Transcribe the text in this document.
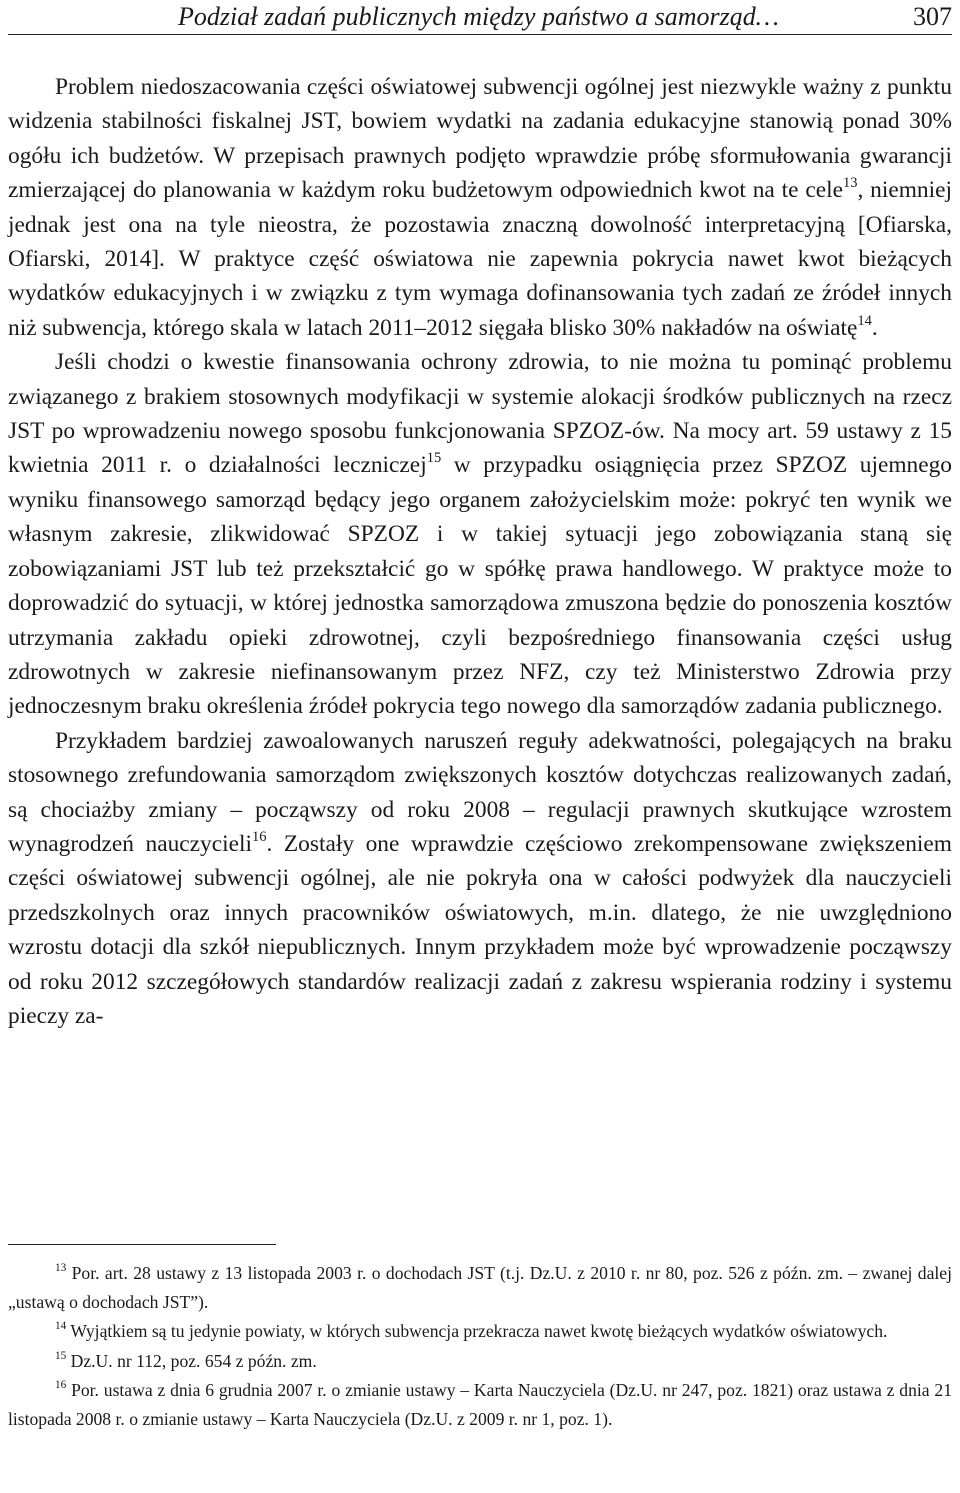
Podział zadań publicznych między państwo a samorząd…	307

Problem niedoszacowania części oświatowej subwencji ogólnej jest niezwykle ważny z punktu widzenia stabilności fiskalnej JST, bowiem wydatki na zadania edukacyjne stanowią ponad 30% ogółu ich budżetów. W przepisach prawnych podjęto wprawdzie próbę sformułowania gwarancji zmierzającej do planowania w każdym roku budżetowym odpowiednich kwot na te cele$^{13}$, niemniej jednak jest ona na tyle nieostra, że pozostawia znaczną dowolność interpretacyjną [Ofiarska, Ofiarski, 2014]. W praktyce część oświatowa nie zapewnia pokrycia nawet kwot bieżących wydatków edukacyjnych i w związku z tym wymaga dofinansowania tych zadań ze źródeł innych niż subwencja, którego skala w latach 2011–2012 sięgała blisko 30% nakładów na oświatę$^{14}$.

Jeśli chodzi o kwestie finansowania ochrony zdrowia, to nie można tu pominąć problemu związanego z brakiem stosownych modyfikacji w systemie alokacji środków publicznych na rzecz JST po wprowadzeniu nowego sposobu funkcjonowania SPZOZ-ów. Na mocy art. 59 ustawy z 15 kwietnia 2011 r. o działalności leczniczej$^{15}$ w przypadku osiągnięcia przez SPZOZ ujemnego wyniku finansowego samorząd będący jego organem założycielskim może: pokryć ten wynik we własnym zakresie, zlikwidować SPZOZ i w takiej sytuacji jego zobowiązania staną się zobowiązaniami JST lub też przekształcić go w spółkę prawa handlowego. W praktyce może to doprowadzić do sytuacji, w której jednostka samorządowa zmuszona będzie do ponoszenia kosztów utrzymania zakładu opieki zdrowotnej, czyli bezpośredniego finansowania części usług zdrowotnych w zakresie niefinansowanym przez NFZ, czy też Ministerstwo Zdrowia przy jednoczesnym braku określenia źródeł pokrycia tego nowego dla samorządów zadania publicznego.

Przykładem bardziej zawoalowanych naruszeń reguły adekwatności, polegających na braku stosownego zrefundowania samorządom zwiększonych kosztów dotychczas realizowanych zadań, są chociażby zmiany – począwszy od roku 2008 – regulacji prawnych skutkujące wzrostem wynagrodzeń nauczycieli$^{16}$. Zostały one wprawdzie częściowo zrekompensowane zwiększeniem części oświatowej subwencji ogólnej, ale nie pokryła ona w całości podwyżek dla nauczycieli przedszkolnych oraz innych pracowników oświatowych, m.in. dlatego, że nie uwzględniono wzrostu dotacji dla szkół niepublicznych. Innym przykładem może być wprowadzenie począwszy od roku 2012 szczegółowych standardów realizacji zadań z zakresu wspierania rodziny i systemu pieczy za-

$^{13}$ Por. art. 28 ustawy z 13 listopada 2003 r. o dochodach JST (t.j. Dz.U. z 2010 r. nr 80, poz. 526 z późn. zm. – zwanej dalej „ustawą o dochodach JST”).

$^{14}$ Wyjątkiem są tu jedynie powiaty, w których subwencja przekracza nawet kwotę bieżących wydatków oświatowych.

$^{15}$ Dz.U. nr 112, poz. 654 z późn. zm.

$^{16}$ Por. ustawa z dnia 6 grudnia 2007 r. o zmianie ustawy – Karta Nauczyciela (Dz.U. nr 247, poz. 1821) oraz ustawa z dnia 21 listopada 2008 r. o zmianie ustawy – Karta Nauczyciela (Dz.U. z 2009 r. nr 1, poz. 1).
